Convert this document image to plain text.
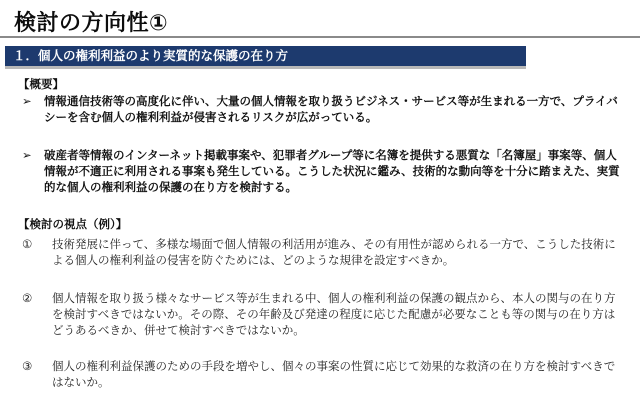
検討の方向性①
１．個人の権利利益のより実質的な保護の在り方
【概要】
➢	情報通信技術等の高度化に伴い、大量の個人情報を取り扱うビジネス・サービス等が生まれる一方で、プライバシーを含む個人の権利利益が侵害されるリスクが広がっている。
➢	破産者等情報のインターネット掲載事案や、犯罪者グループ等に名簿を提供する悪質な「名簿屋」事案等、個人情報が不適正に利用される事案も発生している。こうした状況に鑑み、技術的な動向等を十分に踏まえた、実質的な個人の権利利益の保護の在り方を検討する。
【検討の視点（例）】
①	技術発展に伴って、多様な場面で個人情報の利活用が進み、その有用性が認められる一方で、こうした技術による個人の権利利益の侵害を防ぐためには、どのような規律を設定すべきか。
②	個人情報を取り扱う様々なサービス等が生まれる中、個人の権利利益の保護の観点から、本人の関与の在り方を検討すべきではないか。その際、その年齢及び発達の程度に応じた配慮が必要なことも等の関与の在り方はどうあるべきか、併せて検討すべきではないか。
③	個人の権利利益保護のための手段を増やし、個々の事案の性質に応じて効果的な救済の在り方を検討すべきではないか。
